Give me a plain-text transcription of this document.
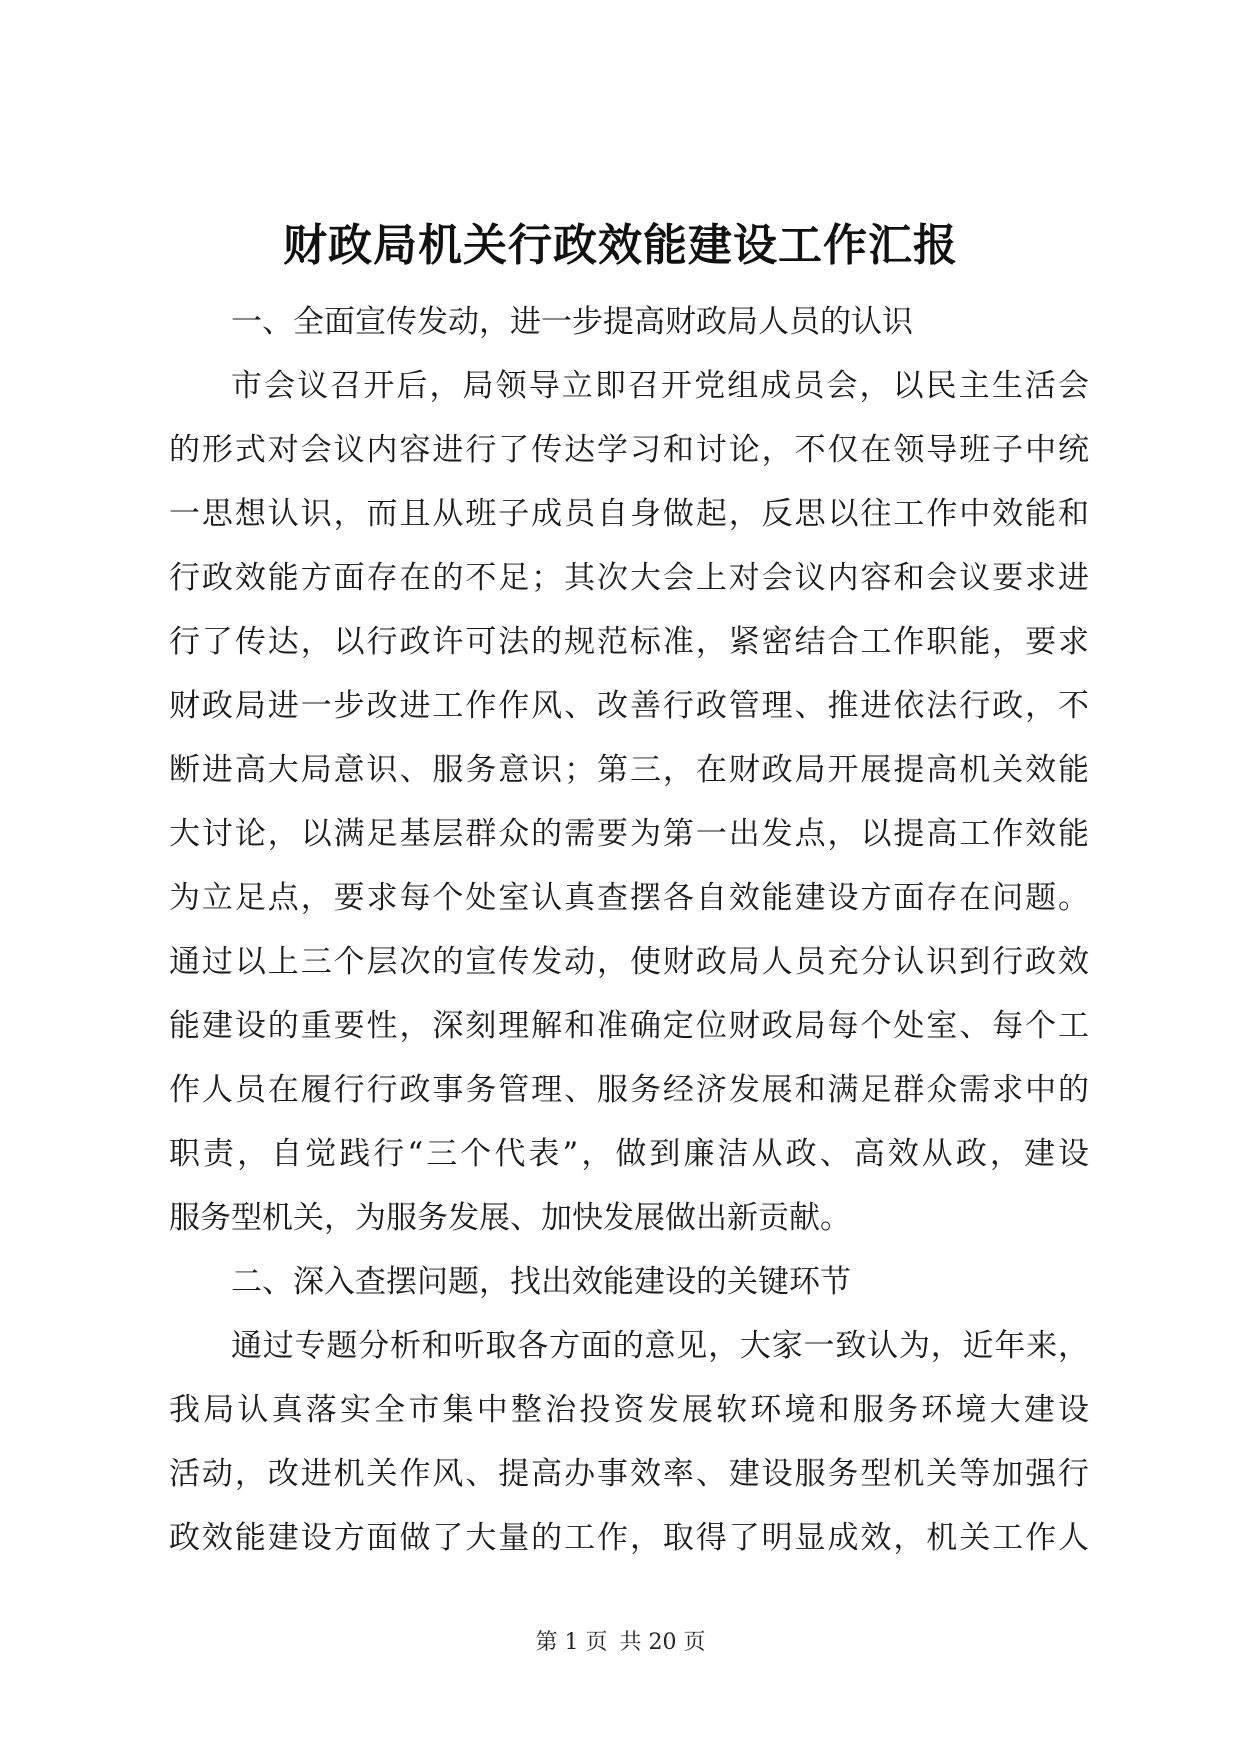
财政局机关行政效能建设工作汇报
一、全面宣传发动，进一步提高财政局人员的认识
市会议召开后，局领导立即召开党组成员会，以民主生活会
的形式对会议内容进行了传达学习和讨论，不仅在领导班子中统
一思想认识，而且从班子成员自身做起，反思以往工作中效能和
行政效能方面存在的不足；其次大会上对会议内容和会议要求进
行了传达，以行政许可法的规范标准，紧密结合工作职能，要求
财政局进一步改进工作作风、改善行政管理、推进依法行政，不
断进高大局意识、服务意识；第三，在财政局开展提高机关效能
大讨论，以满足基层群众的需要为第一出发点，以提高工作效能
为立足点，要求每个处室认真查摆各自效能建设方面存在问题。
通过以上三个层次的宣传发动，使财政局人员充分认识到行政效
能建设的重要性，深刻理解和准确定位财政局每个处室、每个工
作人员在履行行政事务管理、服务经济发展和满足群众需求中的
职责，自觉践行“三个代表”，做到廉洁从政、高效从政，建设
服务型机关，为服务发展、加快发展做出新贡献。
二、深入查摆问题，找出效能建设的关键环节
通过专题分析和听取各方面的意见，大家一致认为，近年来，
我局认真落实全市集中整治投资发展软环境和服务环境大建设
活动，改进机关作风、提高办事效率、建设服务型机关等加强行
政效能建设方面做了大量的工作，取得了明显成效，机关工作人
第 1 页 共 20 页
